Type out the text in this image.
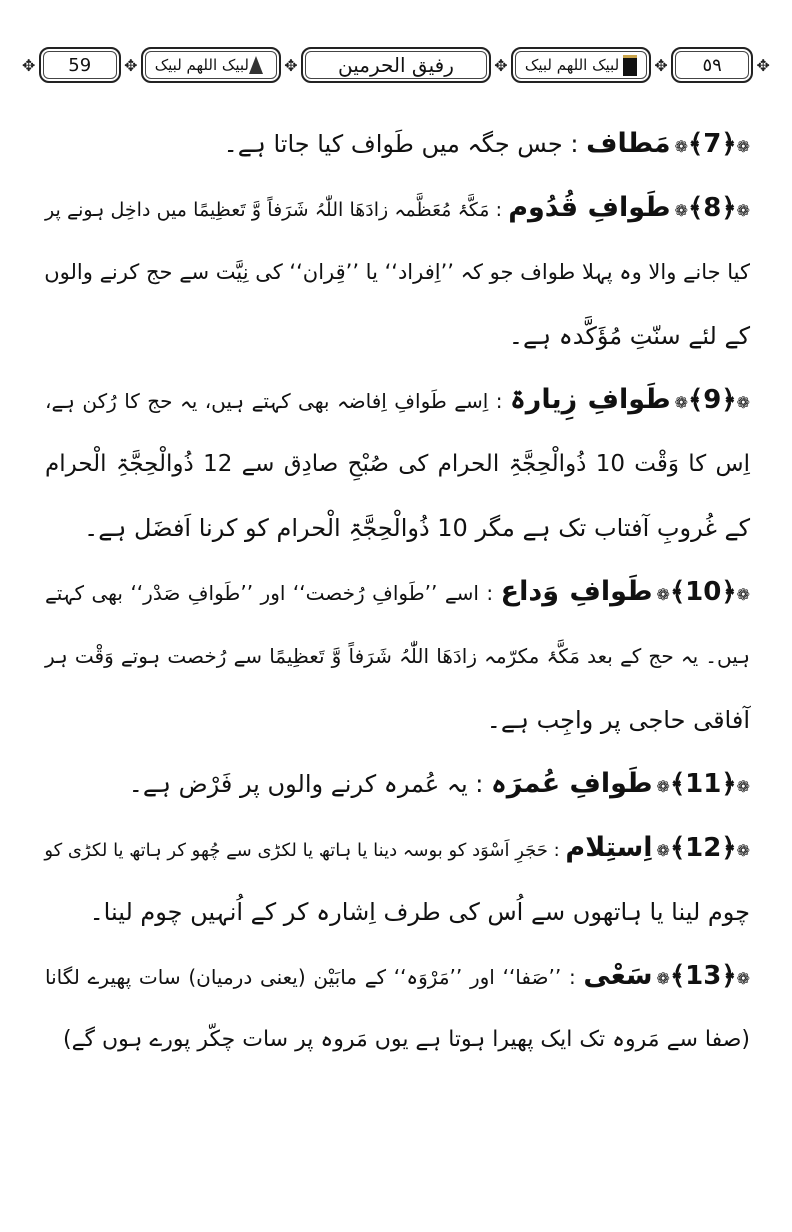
✥	59	✥ لبیک اللھم لبیک ✥	رفیق الحرمین	✥ لبیک اللھم لبیک ✥	٥٩	✥
❁﴿7﴾❁مَطاف : جس جگہ میں طَواف کیا جاتا ہے۔
❁﴿8﴾❁طَوافِ قُدُوم : مَکَّۂ مُعَظَّمہ زادَھَا اللّٰہُ شَرَفاً وَّ تَعظِیمًا میں داخِل ہونے پر
کیا جانے والا وہ پہلا طواف جو کہ ’’اِفراد‘‘ یا ’’قِران‘‘ کی نِیَّت سے حج کرنے والوں
کے لئے سنّتِ مُؤَکَّدہ ہے۔
❁﴿9﴾❁طَوافِ زِیارۃ : اِسے طَوافِ اِفاضہ بھی کہتے ہیں، یہ حج کا رُکن ہے،
اِس کا وَقْت 10 ذُوالْحِجَّۃِ الحرام کی صُبْحِ صادِق سے 12 ذُوالْحِجَّۃِ الْحرام
کے غُروبِ آفتاب تک ہے مگر 10 ذُوالْحِجَّۃِ الْحرام کو کرنا اَفضَل ہے۔
❁﴿10﴾❁طَوافِ وَداع : اسے ’’طَوافِ رُخصت‘‘ اور ’’طَوافِ صَدْر‘‘ بھی کہتے
ہیں۔ یہ حج کے بعد مَکَّۂ مکرّمہ زادَھَا اللّٰہُ شَرَفاً وَّ تَعظِیمًا سے رُخصت ہوتے وَقْت ہر
آفاقی حاجی پر واجِب ہے۔
❁﴿11﴾❁طَوافِ عُمرَہ : یہ عُمرہ کرنے والوں پر فَرْض ہے۔
❁﴿12﴾❁اِستِلام : حَجَرِ اَسْوَد کو بوسہ دینا یا ہاتھ یا لکڑی سے چُھو کر ہاتھ یا لکڑی کو
چوم لینا یا ہاتھوں سے اُس کی طرف اِشارہ کر کے اُنہیں چوم لینا۔
❁﴿13﴾❁سَعْی : ’’صَفا‘‘ اور ’’مَرْوَہ‘‘ کے مابَیْن (یعنی درمیان) سات پھیرے لگانا
(صفا سے مَروہ تک ایک پھیرا ہوتا ہے یوں مَروہ پر سات چکّر پورے ہوں گے)
